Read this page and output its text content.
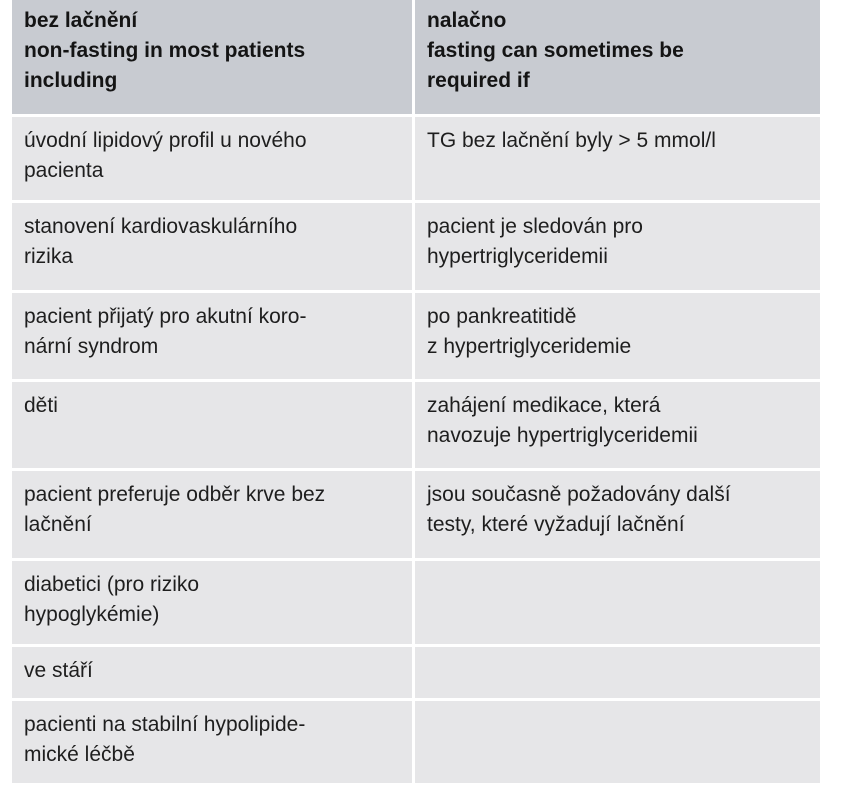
bez lačnění
non-fasting in most patients
including	nalačno
fasting can sometimes be
required if

úvodní lipidový profil u nového
pacienta	TG bez lačnění byly > 5 mmol/l

stanovení kardiovaskulárního
rizika	pacient je sledován pro
hypertriglyceridemii

pacient přijatý pro akutní koro-
nární syndrom	po pankreatitidě
z hypertriglyceridemie

děti	zahájení medikace, která
navozuje hypertriglyceridemii

pacient preferuje odběr krve bez
lačnění	jsou současně požadovány další
testy, které vyžadují lačnění

diabetici (pro riziko
hypoglykémie)	

ve stáří	

pacienti na stabilní hypolipide-
mické léčbě	
